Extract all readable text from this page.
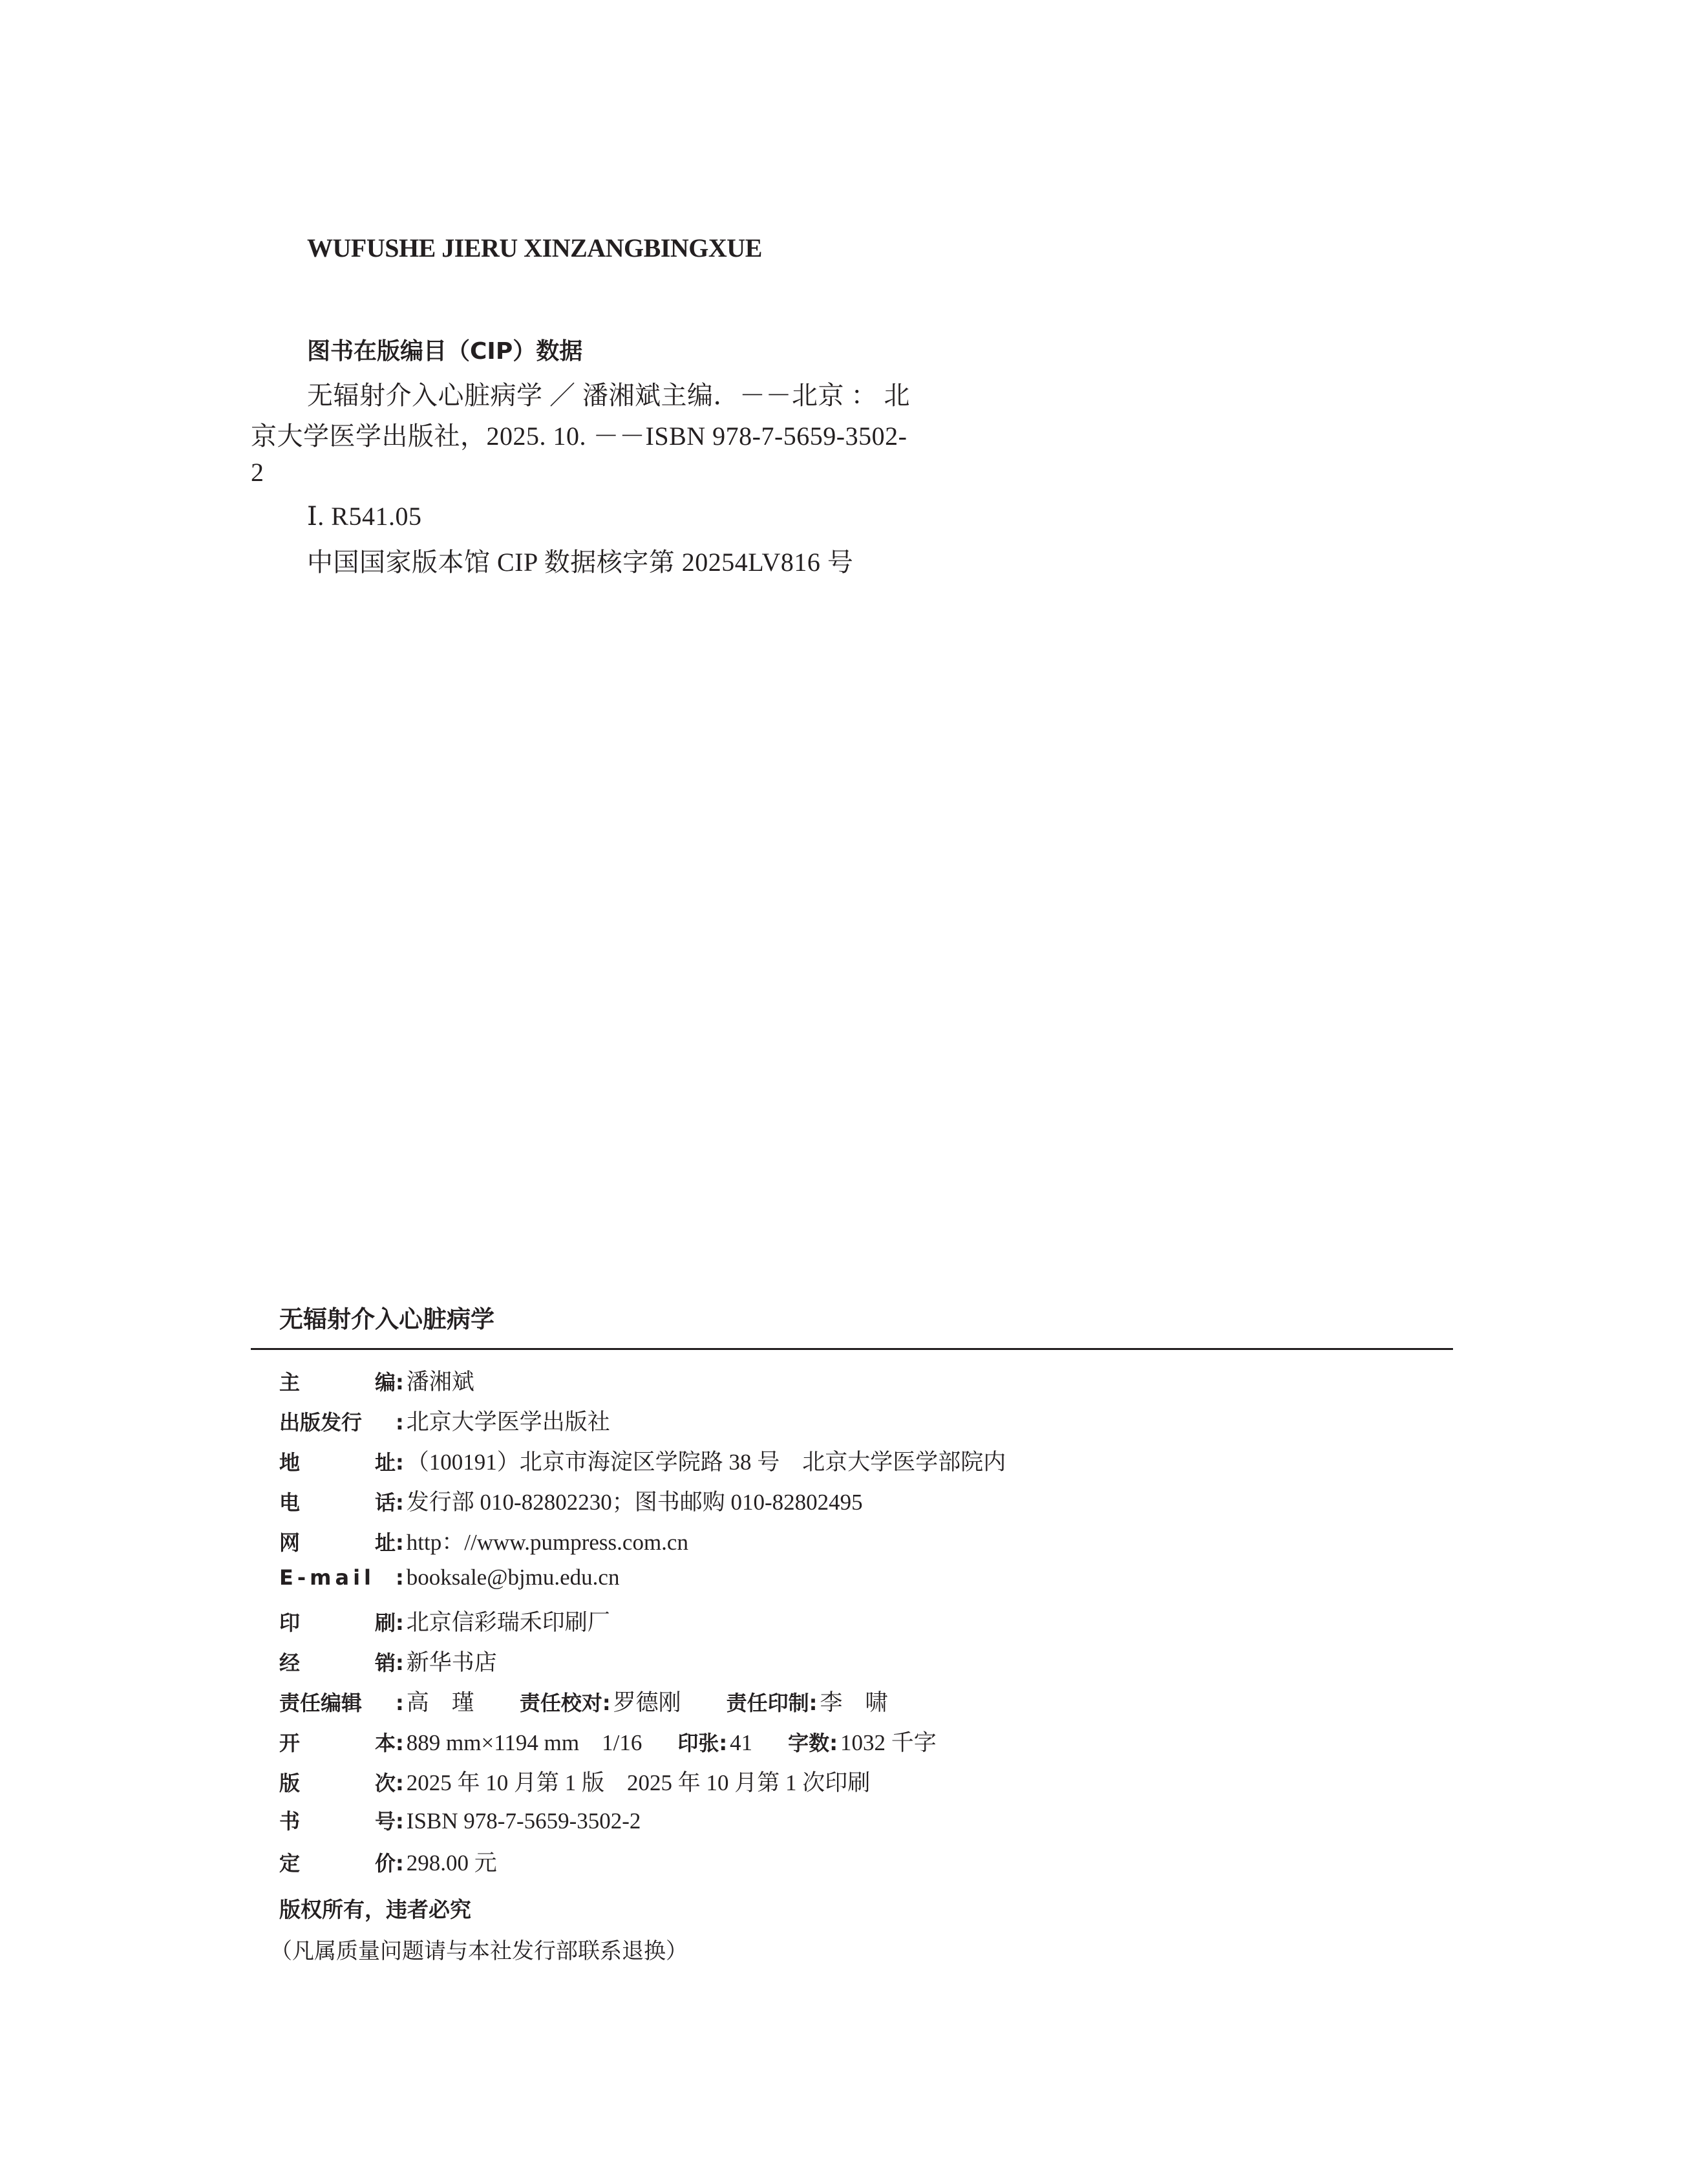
WUFUSHE JIERU XINZANGBINGXUE
图书在版编目（CIP）数据
无辐射介入心脏病学 ／ 潘湘斌主编．－－北京 ： 北
京大学医学出版社，2025. 10. －－ISBN 978-7-5659-3502-
2
Ⅰ. R541.05
中国国家版本馆 CIP 数据核字第 20254LV816 号
无辐射介入心脏病学
主	编 : 潘湘斌
出版发行 : 北京大学医学出版社
地	址 : （100191）北京市海淀区学院路 38 号　北京大学医学部院内
电	话 : 发行部 010-82802230；图书邮购 010-82802495
网	址 : http：//www.pumpress.com.cn
E-mail : booksale@bjmu.edu.cn
印	刷 : 北京信彩瑞禾印刷厂
经	销 : 新华书店
责任编辑 : 高　瑾 责任校对 : 罗德刚 责任印制 : 李　啸
开	本 : 889 mm×1194 mm　1/16 印张 : 41 字数 : 1032 千字
版	次 : 2025 年 10 月第 1 版　2025 年 10 月第 1 次印刷
书	号 : ISBN 978-7-5659-3502-2
定	价 : 298.00 元
版权所有，违者必究
（凡属质量问题请与本社发行部联系退换）
